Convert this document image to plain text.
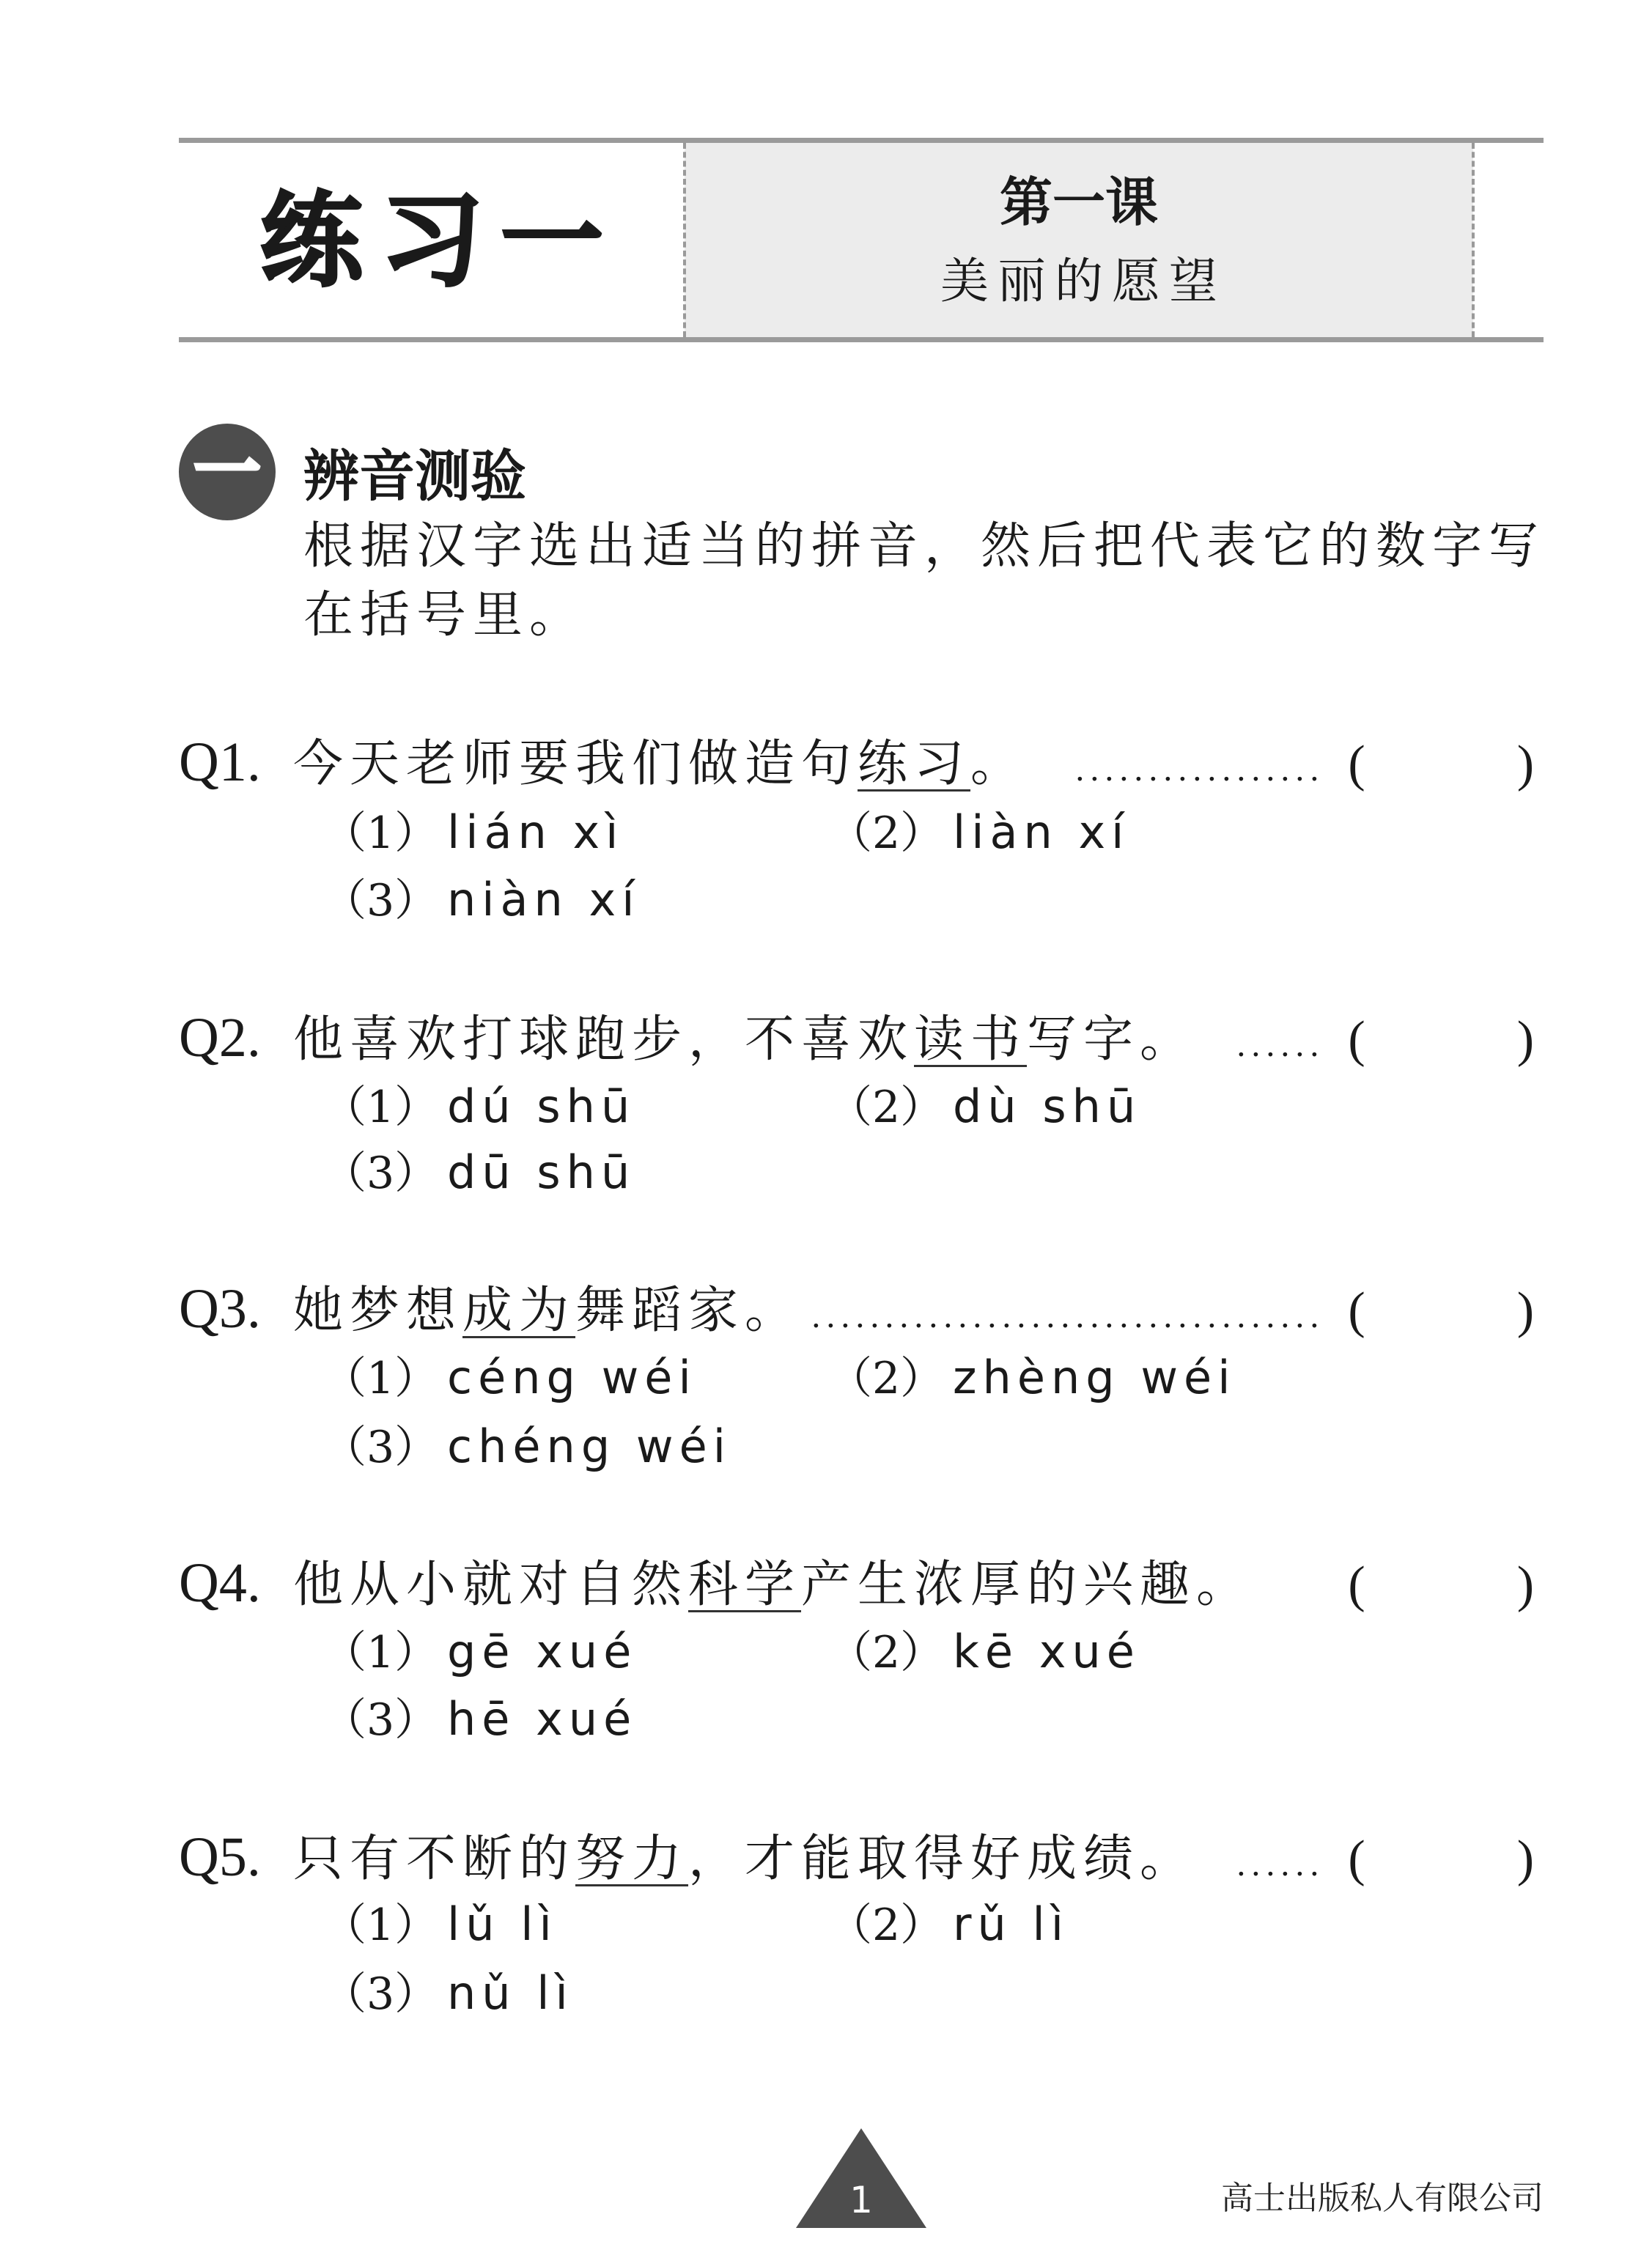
练习一	第一课
美丽的愿望
一 辨音测验
根据汉字选出适当的拼音，然后把代表它的数字写
在括号里。
Q1. 今天老师要我们做造句练习。 ................. (	)
（1） lián xì	（2） liàn xí
（3） niàn xí
Q2. 他喜欢打球跑步，不喜欢读书写字。 ...... (	)
（1） dú shū	（2） dù shū
（3） dū shū
Q3. 她梦想成为舞蹈家。 ................................... (	)
（1） céng wéi	（2） zhèng wéi
（3） chéng wéi
Q4. 他从小就对自然科学产生浓厚的兴趣。 (	)
（1） gē xué	（2） kē xué
（3） hē xué
Q5. 只有不断的努力，才能取得好成绩。 ...... (	)
（1） lǔ lì	（2） rǔ lì
（3） nǔ lì
1	高士出版私人有限公司
